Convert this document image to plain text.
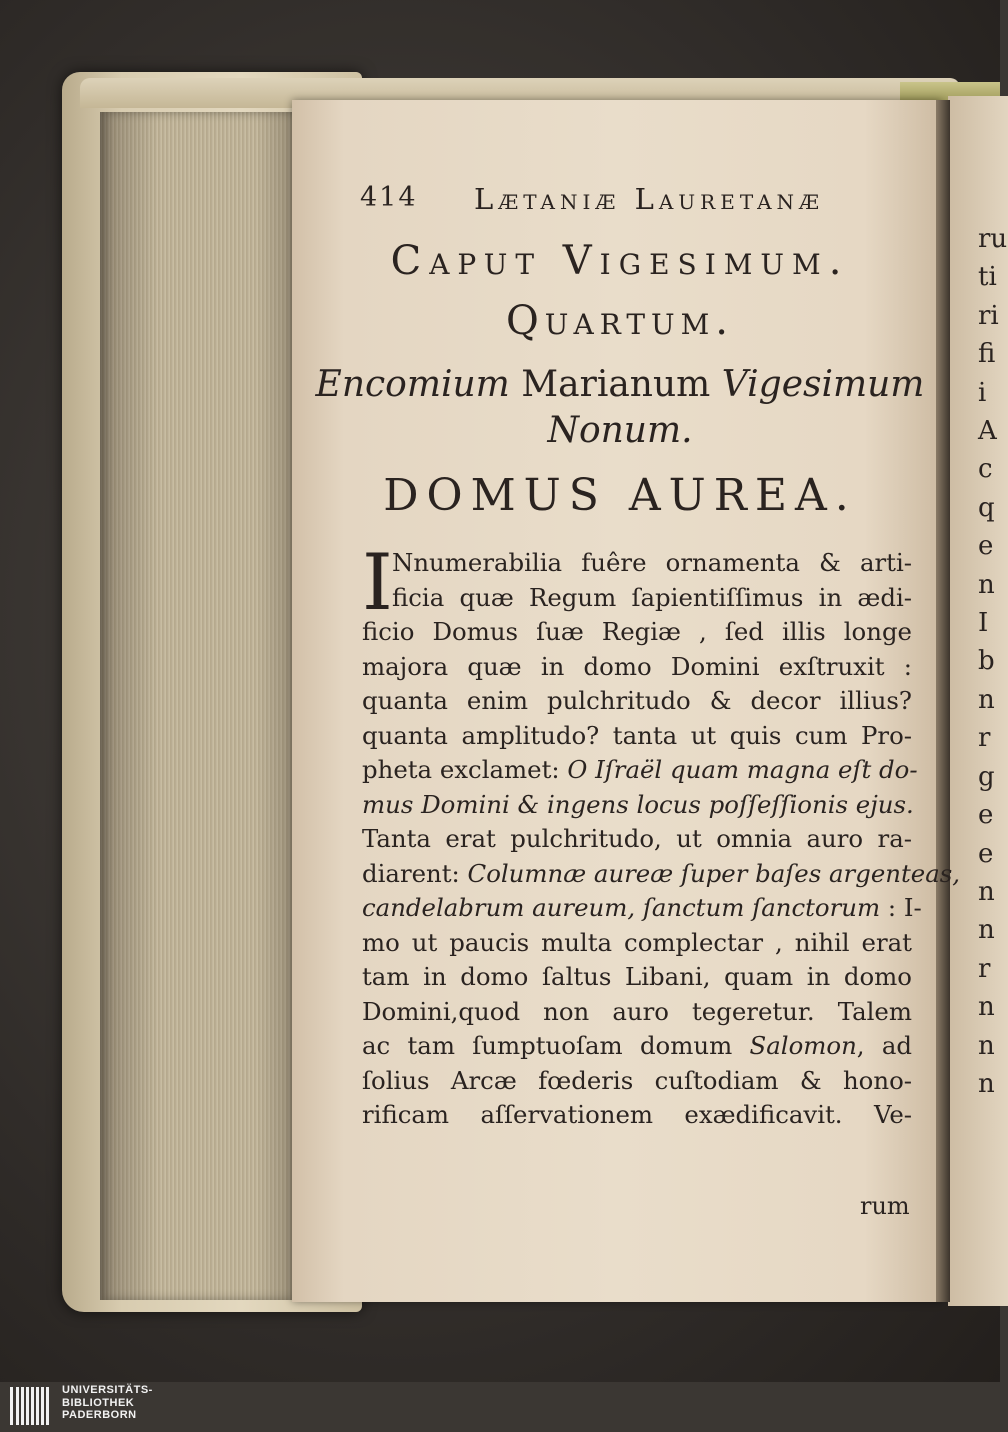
414 Lætaniæ Lauretanæ
Caput Vigesimum.
Quartum.
Encomium Marianum Vigesimum
Nonum.
DOMUS AUREA.
I Nnumerabilia fuêre ornamenta & arti-
ficia quæ Regum ſapientiſſimus in ædi-
ficio Domus ſuæ Regiæ , ſed illis longe
majora quæ in domo Domini exſtruxit :
quanta enim pulchritudo & decor illius?
quanta amplitudo? tanta ut quis cum Pro-
pheta exclamet: O Iſraël quam magna eſt do-
mus Domini & ingens locus poſſeſſionis ejus.
Tanta erat pulchritudo, ut omnia auro ra-
diarent: Columnæ aureæ ſuper baſes argenteas,
candelabrum aureum, ſanctum ſanctorum : I-
mo ut paucis multa complectar , nihil erat
tam in domo ſaltus Libani, quam in domo
Domini,quod non auro tegeretur. Talem
ac tam ſumptuoſam domum Salomon, ad
ſolius Arcæ fœderis cuſtodiam & hono-
rificam aſſervationem exædificavit. Ve-
rum
ru
ti
ri
fi
i
A
c
q
e
n
I
b
n
r
g
e
e
n
n
r
n
n
n
UNIVERSITÄTS-
BIBLIOTHEK
PADERBORN
